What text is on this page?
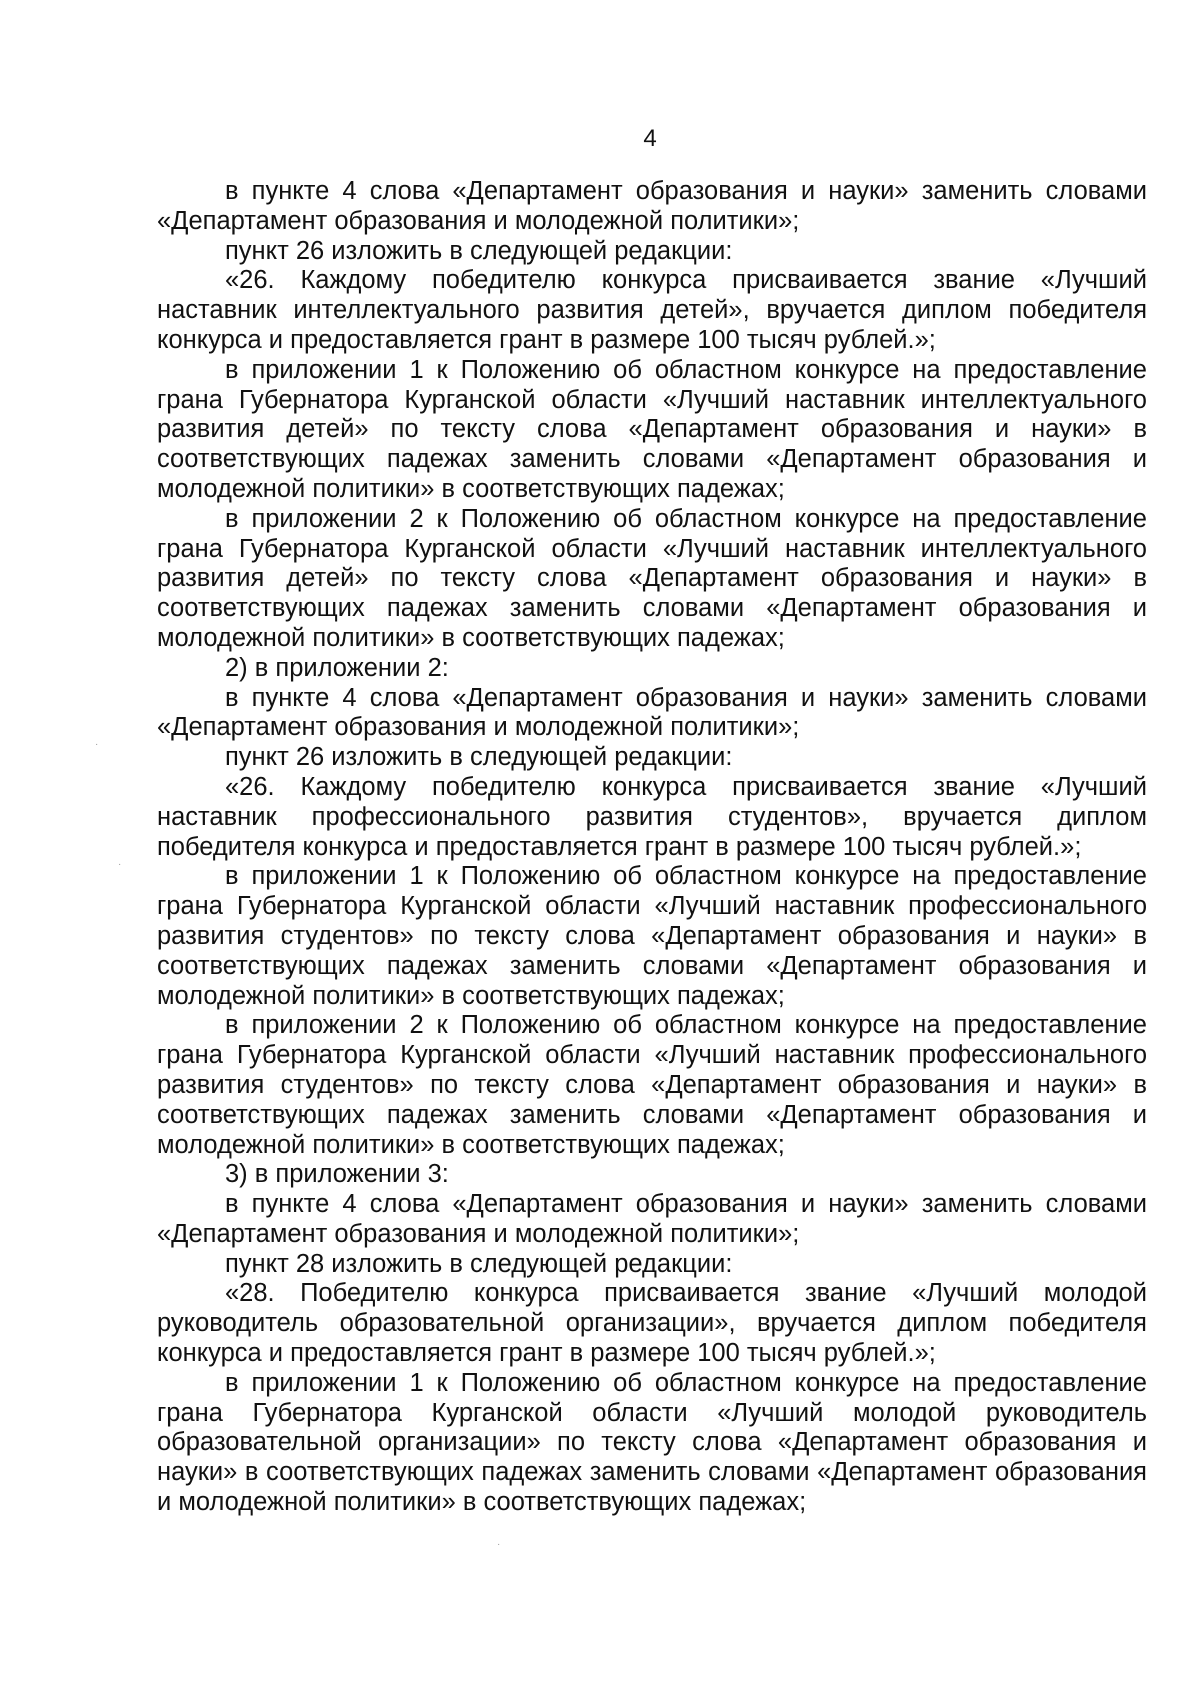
4

в пункте 4 слова «Департамент образования и науки» заменить словами «Департамент образования и молодежной политики»;

пункт 26 изложить в следующей редакции:

«26. Каждому победителю конкурса присваивается звание «Лучший наставник интеллектуального развития детей», вручается диплом победителя конкурса и предоставляется грант в размере 100 тысяч рублей.»;

в приложении 1 к Положению об областном конкурсе на предоставление грана Губернатора Курганской области «Лучший наставник интеллектуального развития детей» по тексту слова «Департамент образования и науки» в соответствующих падежах заменить словами «Департамент образования и молодежной политики» в соответствующих падежах;

в приложении 2 к Положению об областном конкурсе на предоставление грана Губернатора Курганской области «Лучший наставник интеллектуального развития детей» по тексту слова «Департамент образования и науки» в соответствующих падежах заменить словами «Департамент образования и молодежной политики» в соответствующих падежах;

2) в приложении 2:

в пункте 4 слова «Департамент образования и науки» заменить словами «Департамент образования и молодежной политики»;

пункт 26 изложить в следующей редакции:

«26. Каждому победителю конкурса присваивается звание «Лучший наставник профессионального развития студентов», вручается диплом победителя конкурса и предоставляется грант в размере 100 тысяч рублей.»;

в приложении 1 к Положению об областном конкурсе на предоставление грана Губернатора Курганской области «Лучший наставник профессионального развития студентов» по тексту слова «Департамент образования и науки» в соответствующих падежах заменить словами «Департамент образования и молодежной политики» в соответствующих падежах;

в приложении 2 к Положению об областном конкурсе на предоставление грана Губернатора Курганской области «Лучший наставник профессионального развития студентов» по тексту слова «Департамент образования и науки» в соответствующих падежах заменить словами «Департамент образования и молодежной политики» в соответствующих падежах;

3) в приложении 3:

в пункте 4 слова «Департамент образования и науки» заменить словами «Департамент образования и молодежной политики»;

пункт 28 изложить в следующей редакции:

«28. Победителю конкурса присваивается звание «Лучший молодой руководитель образовательной организации», вручается диплом победителя конкурса и предоставляется грант в размере 100 тысяч рублей.»;

в приложении 1 к Положению об областном конкурсе на предоставление грана Губернатора Курганской области «Лучший молодой руководитель образовательной организации» по тексту слова «Департамент образования и науки» в соответствующих падежах заменить словами «Департамент образования и молодежной политики» в соответствующих падежах;

·
·
·
